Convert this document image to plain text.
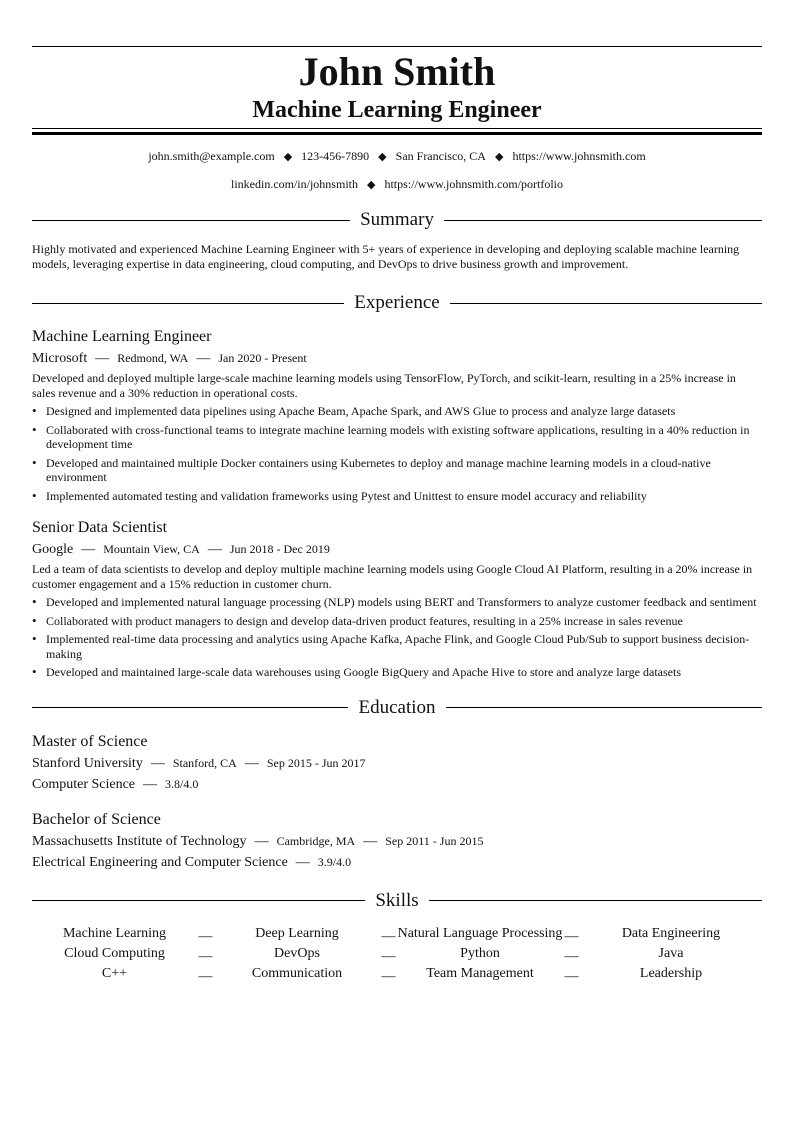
John Smith
Machine Learning Engineer
john.smith@example.com ◆ 123-456-7890 ◆ San Francisco, CA ◆ https://www.johnsmith.com
linkedin.com/in/johnsmith ◆ https://www.johnsmith.com/portfolio
Summary
Highly motivated and experienced Machine Learning Engineer with 5+ years of experience in developing and deploying scalable machine learning models, leveraging expertise in data engineering, cloud computing, and DevOps to drive business growth and improvement.
Experience
Machine Learning Engineer
Microsoft — Redmond, WA — Jan 2020 - Present
Developed and deployed multiple large-scale machine learning models using TensorFlow, PyTorch, and scikit-learn, resulting in a 25% increase in sales revenue and a 30% reduction in operational costs.
• Designed and implemented data pipelines using Apache Beam, Apache Spark, and AWS Glue to process and analyze large datasets
• Collaborated with cross-functional teams to integrate machine learning models with existing software applications, resulting in a 40% reduction in development time
• Developed and maintained multiple Docker containers using Kubernetes to deploy and manage machine learning models in a cloud-native environment
• Implemented automated testing and validation frameworks using Pytest and Unittest to ensure model accuracy and reliability
Senior Data Scientist
Google — Mountain View, CA — Jun 2018 - Dec 2019
Led a team of data scientists to develop and deploy multiple machine learning models using Google Cloud AI Platform, resulting in a 20% increase in customer engagement and a 15% reduction in customer churn.
• Developed and implemented natural language processing (NLP) models using BERT and Transformers to analyze customer feedback and sentiment
• Collaborated with product managers to design and develop data-driven product features, resulting in a 25% increase in sales revenue
• Implemented real-time data processing and analytics using Apache Kafka, Apache Flink, and Google Cloud Pub/Sub to support business decision-making
• Developed and maintained large-scale data warehouses using Google BigQuery and Apache Hive to store and analyze large datasets
Education
Master of Science
Stanford University — Stanford, CA — Sep 2015 - Jun 2017
Computer Science — 3.8/4.0
Bachelor of Science
Massachusetts Institute of Technology — Cambridge, MA — Sep 2011 - Jun 2015
Electrical Engineering and Computer Science — 3.9/4.0
Skills
Machine Learning	—	Deep Learning	— Natural Language Processing —	Data Engineering
Cloud Computing	—	DevOps	—	Python	—	Java
C++	—	Communication	—	Team Management	—	Leadership
